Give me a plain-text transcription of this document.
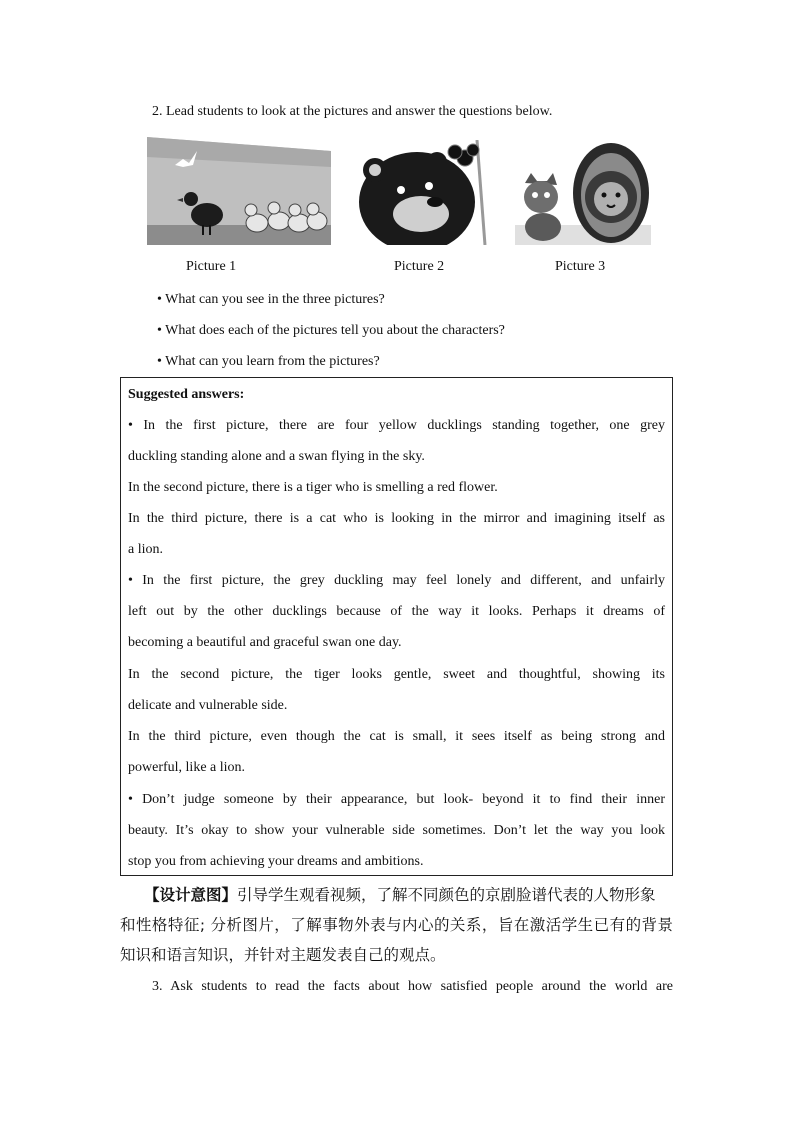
2. Lead students to look at the pictures and answer the questions below.
Picture 1	Picture 2	Picture 3
• What can you see in the three pictures?
• What does each of the pictures tell you about the characters?
• What can you learn from the pictures?
Suggested answers:
• In the first picture, there are four yellow ducklings standing together, one grey
duckling standing alone and a swan flying in the sky.
In the second picture, there is a tiger who is smelling a red flower.
In the third picture, there is a cat who is looking in the mirror and imagining itself as
a lion.
• In the first picture, the grey duckling may feel lonely and different, and unfairly
left out by the other ducklings because of the way it looks. Perhaps it dreams of
becoming a beautiful and graceful swan one day.
In the second picture, the tiger looks gentle, sweet and thoughtful, showing its
delicate and vulnerable side.
In the third picture, even though the cat is small, it sees itself as being strong and
powerful, like a lion.
• Don’t judge someone by their appearance, but look- beyond it to find their inner
beauty. It’s okay to show your vulnerable side sometimes. Don’t let the way you look
stop you from achieving your dreams and ambitions.
【设计意图】引导学生观看视频，了解不同颜色的京剧脸谱代表的人物形象
和性格特征; 分析图片，了解事物外表与内心的关系，旨在激活学生已有的背景
知识和语言知识，并针对主题发表自己的观点。
3. Ask students to read the facts about how satisfied people around the world are
